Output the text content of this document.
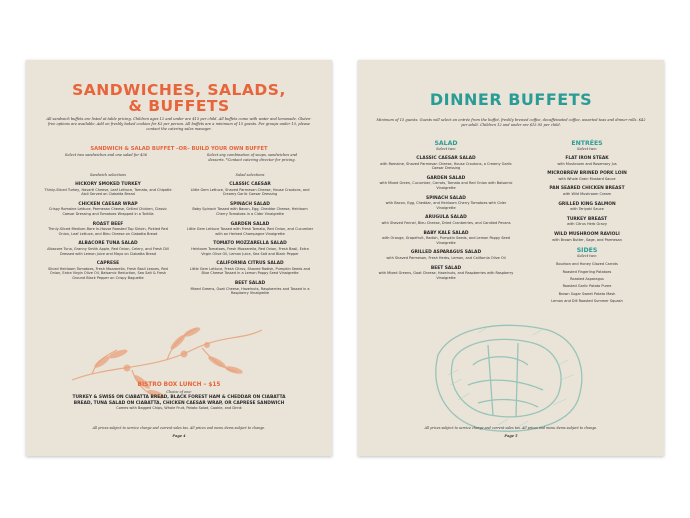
SANDWICHES, SALADS,
& BUFFETS
All sandwich buffets are listed at table pricing. Children ages 12 and under are $15 per child. All buffets come with water and lemonade. Gluten-free options are available. Add on freshly baked cookies for $3 per person. All buffets are a minimum of 15 guests. For groups under 15, please contact the catering sales manager.
SANDWICH & SALAD BUFFET –OR– BUILD YOUR OWN BUFFET
Select two sandwiches and one salad for $36	Select any combination of soups, sandwiches and desserts. *Contact catering director for pricing.
Sandwich selections
HICKORY SMOKED TURKEY
Thinly-Sliced Turkey, Havarti Cheese, Leaf Lettuce, Tomato, and Chipotle Aioli Served on Ciabatta Bread
CHICKEN CAESAR WRAP
Crispy Romaine Lettuce, Parmesan Cheese, Grilled Chicken, Classic Caesar Dressing and Tomatoes Wrapped in a Tortilla
ROAST BEEF
Thinly-Sliced Medium-Rare In-House Roasted Top Sirloin, Pickled Red Onion, Leaf Lettuce, and Bleu Cheese on Ciabatta Bread
ALBACORE TUNA SALAD
Albacore Tuna, Granny Smith Apple, Red Onion, Celery, and Fresh Dill Dressed with Lemon Juice and Mayo on Ciabatta Bread
CAPRESE
Sliced Heirloom Tomatoes, Fresh Mozzarella, Fresh Basil Leaves, Red Onion, Extra Virgin Olive Oil, Balsamic Reduction, Sea Salt & Fresh Ground Black Pepper on Crispy Baguette
Salad selections
CLASSIC CAESAR
Little Gem Lettuce, Shaved Parmesan Cheese, House Croutons, and Creamy Garlic Caesar Dressing
SPINACH SALAD
Baby Spinach Tossed with Bacon, Egg, Cheddar Cheese, Heirloom Cherry Tomatoes in a Cider Vinaigrette
GARDEN SALAD
Little Gem Lettuce Tossed with Fresh Tomato, Red Onion, and Cucumber with an Herbed Champagne Vinaigrette
TOMATO MOZZARELLA SALAD
Heirloom Tomatoes, Fresh Mozzarella, Red Onion, Fresh Basil, Extra Virgin Olive Oil, Lemon Juice, Sea Salt and Black Pepper
CALIFORNIA CITRUS SALAD
Little Gem Lettuce, Fresh Citrus, Shaved Radish, Pumpkin Seeds and Blue Cheese Tossed in a Lemon Poppy Seed Vinaigrette
BEET SALAD
Mixed Greens, Goat Cheese, Hazelnuts, Raspberries and Tossed in a Raspberry Vinaigrette
BISTRO BOX LUNCH – $15
Choice of one:
TURKEY & SWISS ON CIABATTA BREAD, BLACK FOREST HAM & CHEDDAR ON CIABATTA BREAD, TUNA SALAD ON CIABATTA, CHICKEN CAESAR WRAP, OR CAPRESE SANDWICH
Comes with Bagged Chips, Whole Fruit, Potato Salad, Cookie, and Drink
All prices subject to service charge and current sales tax. All prices and menu items subject to change.
Page 4
DINNER BUFFETS
Minimum of 15 guests. Guests will select an entrée from the buffet, freshly brewed coffee, decaffeinated coffee, assorted teas and dinner rolls. $42 per adult. Children 12 and under are $15.95 per child.
SALAD
Select two:
CLASSIC CAESAR SALAD
with Romaine, Shaved Parmesan Cheese, House Croutons, a Creamy Garlic Caesar Dressing
GARDEN SALAD
with Mixed Green, Cucumber, Carrots, Tomato and Red Onion with Balsamic Vinaigrette
SPINACH SALAD
with Bacon, Egg, Cheddar, and Heirloom Cherry Tomatoes with Cider Vinaigrette
ARUGULA SALAD
with Shaved Fennel, Bleu Cheese, Dried Cranberries, and Candied Pecans
BABY KALE SALAD
with Orange, Grapefruit, Radish, Pumpkin Seeds, and Lemon Poppy Seed Vinaigrette
GRILLED ASPARAGUS SALAD
with Shaved Parmesan, Fresh Herbs, Lemon, and California Olive Oil
BEET SALAD
with Mixed Greens, Goat Cheese, Hazelnuts, and Raspberries with Raspberry Vinaigrette
ENTRÉES
Select two:
FLAT IRON STEAK
with Mushroom and Rosemary Jus
MICROBREW BRINED PORK LOIN
with Whole Grain Mustard Sauce
PAN SEARED CHICKEN BREAST
with Wild Mushroom Cream
GRILLED KING SALMON
with Teriyaki Sauce
TURKEY BREAST
with Citrus Herb Gravy
WILD MUSHROOM RAVIOLI
with Brown Butter, Sage, and Parmesan
SIDES
Select two:
Bourbon and Honey Glazed Carrots
Roasted Fingerling Potatoes
Roasted Asparagus
Roasted Garlic Potato Puree
Brown Sugar Sweet Potato Mash
Lemon and Dill Roasted Summer Squash
All prices subject to service charge and current sales tax. All prices and menu items subject to change.
Page 5
